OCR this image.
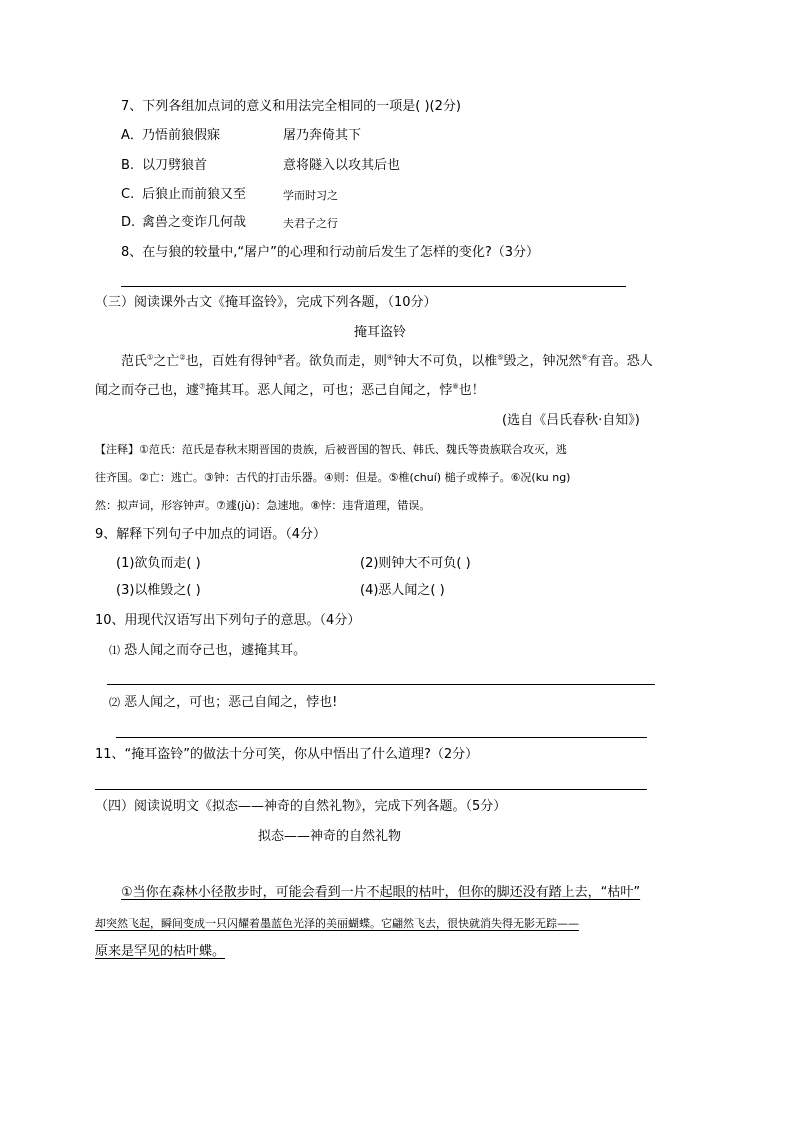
7、下列各组加点词的意义和用法完全相同的一项是( )(2分)
A． 乃悟前狼假寐	屠乃奔倚其下
B. 以刀劈狼首	意将隧入以攻其后也
C. 后狼止而前狼又至	学而时习之
D. 禽兽之变诈几何哉	夫君子之行
8、在与狼的较量中,“屠户”的心理和行动前后发生了怎样的变化?（3分）
（三）阅读课外古文《掩耳盗铃》，完成下列各题，（10分）
掩耳盗铃
范氏①之亡②也，百姓有得钟③者。欲负而走，则④钟大不可负，以椎⑤毁之，钟况然⑥有音。恐人
闻之而夺己也，遽⑦掩其耳。恶人闻之，可也；恶己自闻之，悖⑧也！
(选自《吕氏春秋·自知》)
【注释】①范氏：范氏是春秋末期晋国的贵族，后被晋国的智氏、韩氏、魏氏等贵族联合攻灭，逃
往齐国。②亡：逃亡。③钟：古代的打击乐器。④则：但是。⑤椎(chuí) 槌子或棒子。⑥况(ku ng)
然：拟声词，形容钟声。⑦遽(jù)：急速地。⑧悖：违背道理，错误。
9、解释下列句子中加点的词语。（4分）
(1)欲负而走( )	(2)则钟大不可负( )
(3)以椎毁之( )	(4)恶人闻之( )
10、用现代汉语写出下列句子的意思。（4分）
⑴ 恐人闻之而夺己也，遽掩其耳。
⑵ 恶人闻之，可也；恶己自闻之，悖也!
11、“掩耳盗铃”的做法十分可笑，你从中悟出了什么道理?（2分）
（四）阅读说明文《拟态——神奇的自然礼物》，完成下列各题。（5分）
拟态——神奇的自然礼物
①当你在森林小径散步时，可能会看到一片不起眼的枯叶，但你的脚还没有踏上去，“枯叶”
却突然飞起，瞬间变成一只闪耀着墨蓝色光泽的美丽蝴蝶。它翩然飞去，很快就消失得无影无踪——
原来是罕见的枯叶蝶。
